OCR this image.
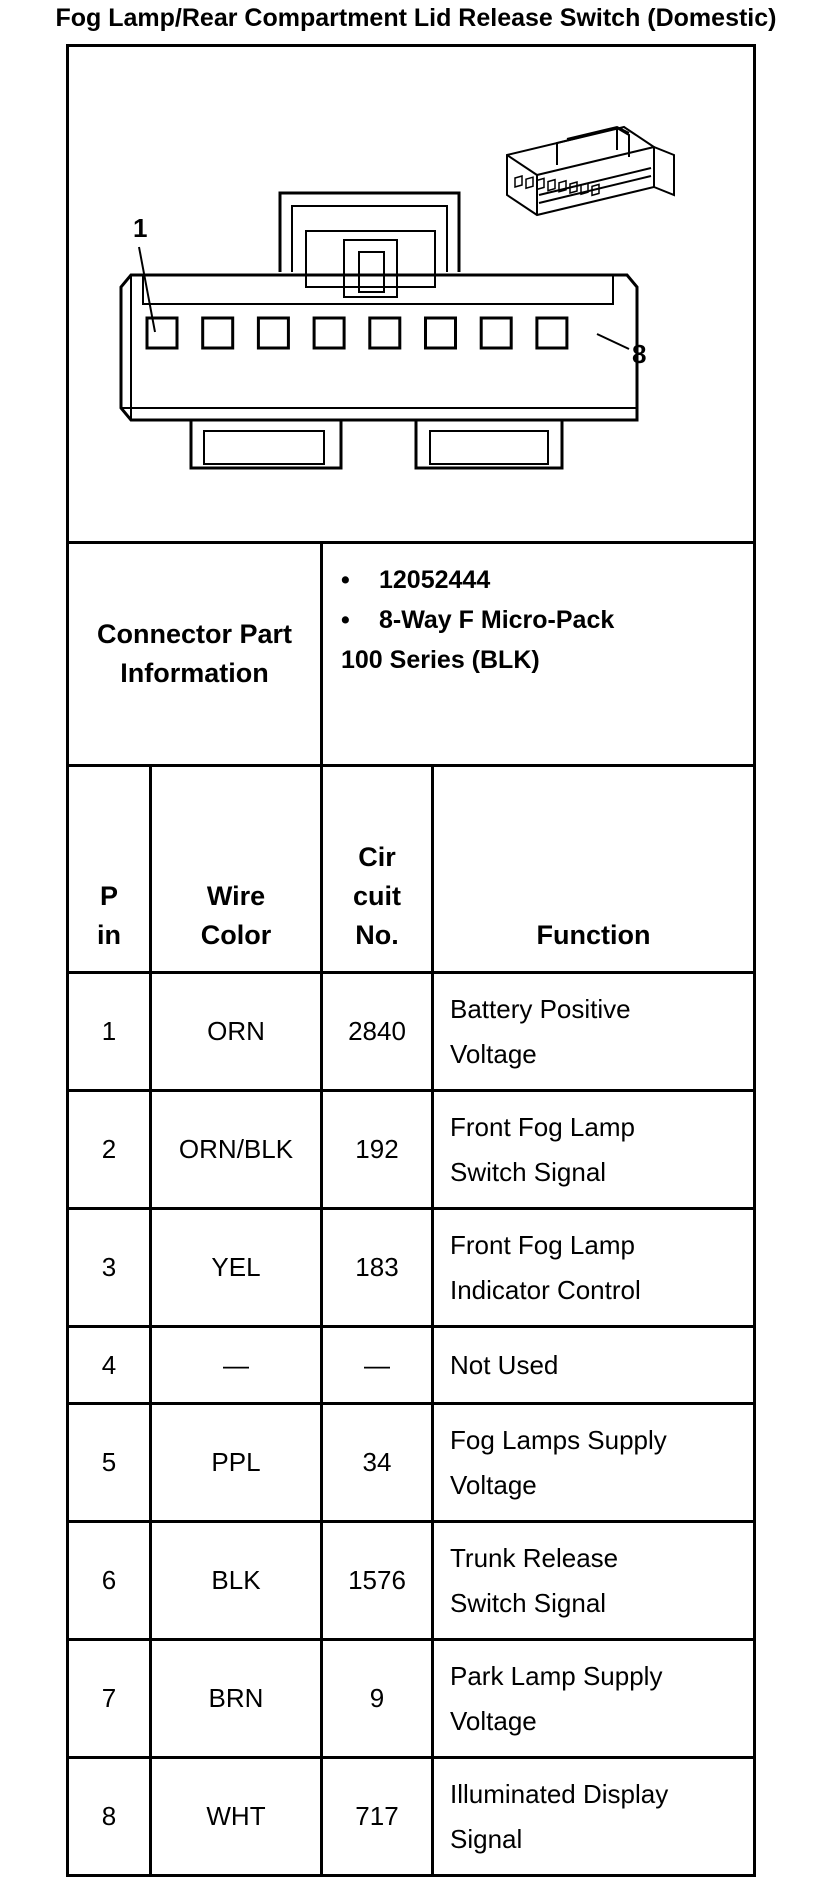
Fog Lamp/Rear Compartment Lid Release Switch (Domestic)
1
8			

Connector Part Information		• 12052444
• 8-Way F Micro-Pack
100 Series (BLK)	

P
in	Wire
Color	Cir
cuit
No.	Function
1	ORN	2840	Battery Positive
Voltage

2	ORN/BLK	192	Front Fog Lamp
Switch Signal

3	YEL	183	Front Fog Lamp
Indicator Control

4	—	—	Not Used

5	PPL	34	Fog Lamps Supply
Voltage

6	BLK	1576	Trunk Release
Switch Signal

7	BRN	9	Park Lamp Supply
Voltage

8	WHT	717	Illuminated Display
Signal
